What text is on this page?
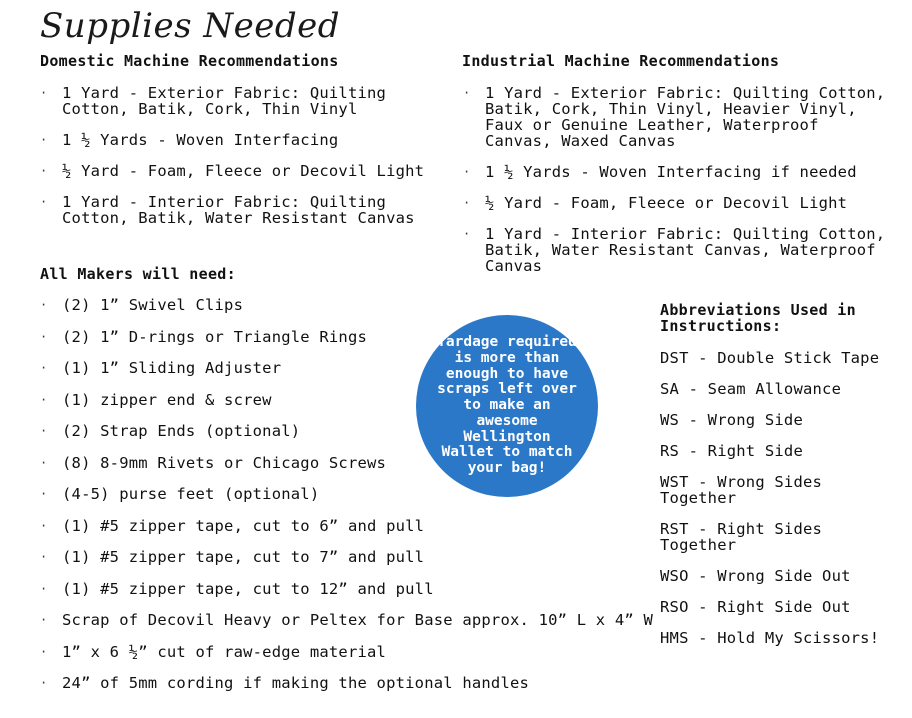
Supplies Needed
Domestic Machine Recommendations
· 1 Yard - Exterior Fabric: Quilting Cotton, Batik, Cork, Thin Vinyl
· 1 ½ Yards - Woven Interfacing
· ½ Yard - Foam, Fleece or Decovil Light
· 1 Yard - Interior Fabric: Quilting Cotton, Batik, Water Resistant Canvas
Industrial Machine Recommendations
· 1 Yard - Exterior Fabric: Quilting Cotton, Batik, Cork, Thin Vinyl, Heavier Vinyl, Faux or Genuine Leather, Waterproof Canvas, Waxed Canvas
· 1 ½ Yards - Woven Interfacing if needed
· ½ Yard - Foam, Fleece or Decovil Light
· 1 Yard - Interior Fabric: Quilting Cotton, Batik, Water Resistant Canvas, Waterproof Canvas
All Makers will need:
· (2) 1” Swivel Clips
· (2) 1” D-rings or Triangle Rings
· (1) 1” Sliding Adjuster
· (1) zipper end & screw
· (2) Strap Ends (optional)
· (8) 8-9mm Rivets or Chicago Screws
· (4-5) purse feet (optional)
· (1) #5 zipper tape, cut to 6” and pull
· (1) #5 zipper tape, cut to 7” and pull
· (1) #5 zipper tape, cut to 12” and pull
· Scrap of Decovil Heavy or Peltex for Base approx. 10” L x 4” W
· 1” x 6 ½” cut of raw-edge material
· 24” of 5mm cording if making the optional handles
Yardage required is more than enough to have scraps left over to make an awesome Wellington Wallet to match your bag!
Abbreviations Used in Instructions:
DST - Double Stick Tape
SA - Seam Allowance
WS - Wrong Side
RS - Right Side
WST - Wrong Sides Together
RST - Right Sides Together
WSO - Wrong Side Out
RSO - Right Side Out
HMS - Hold My Scissors!
